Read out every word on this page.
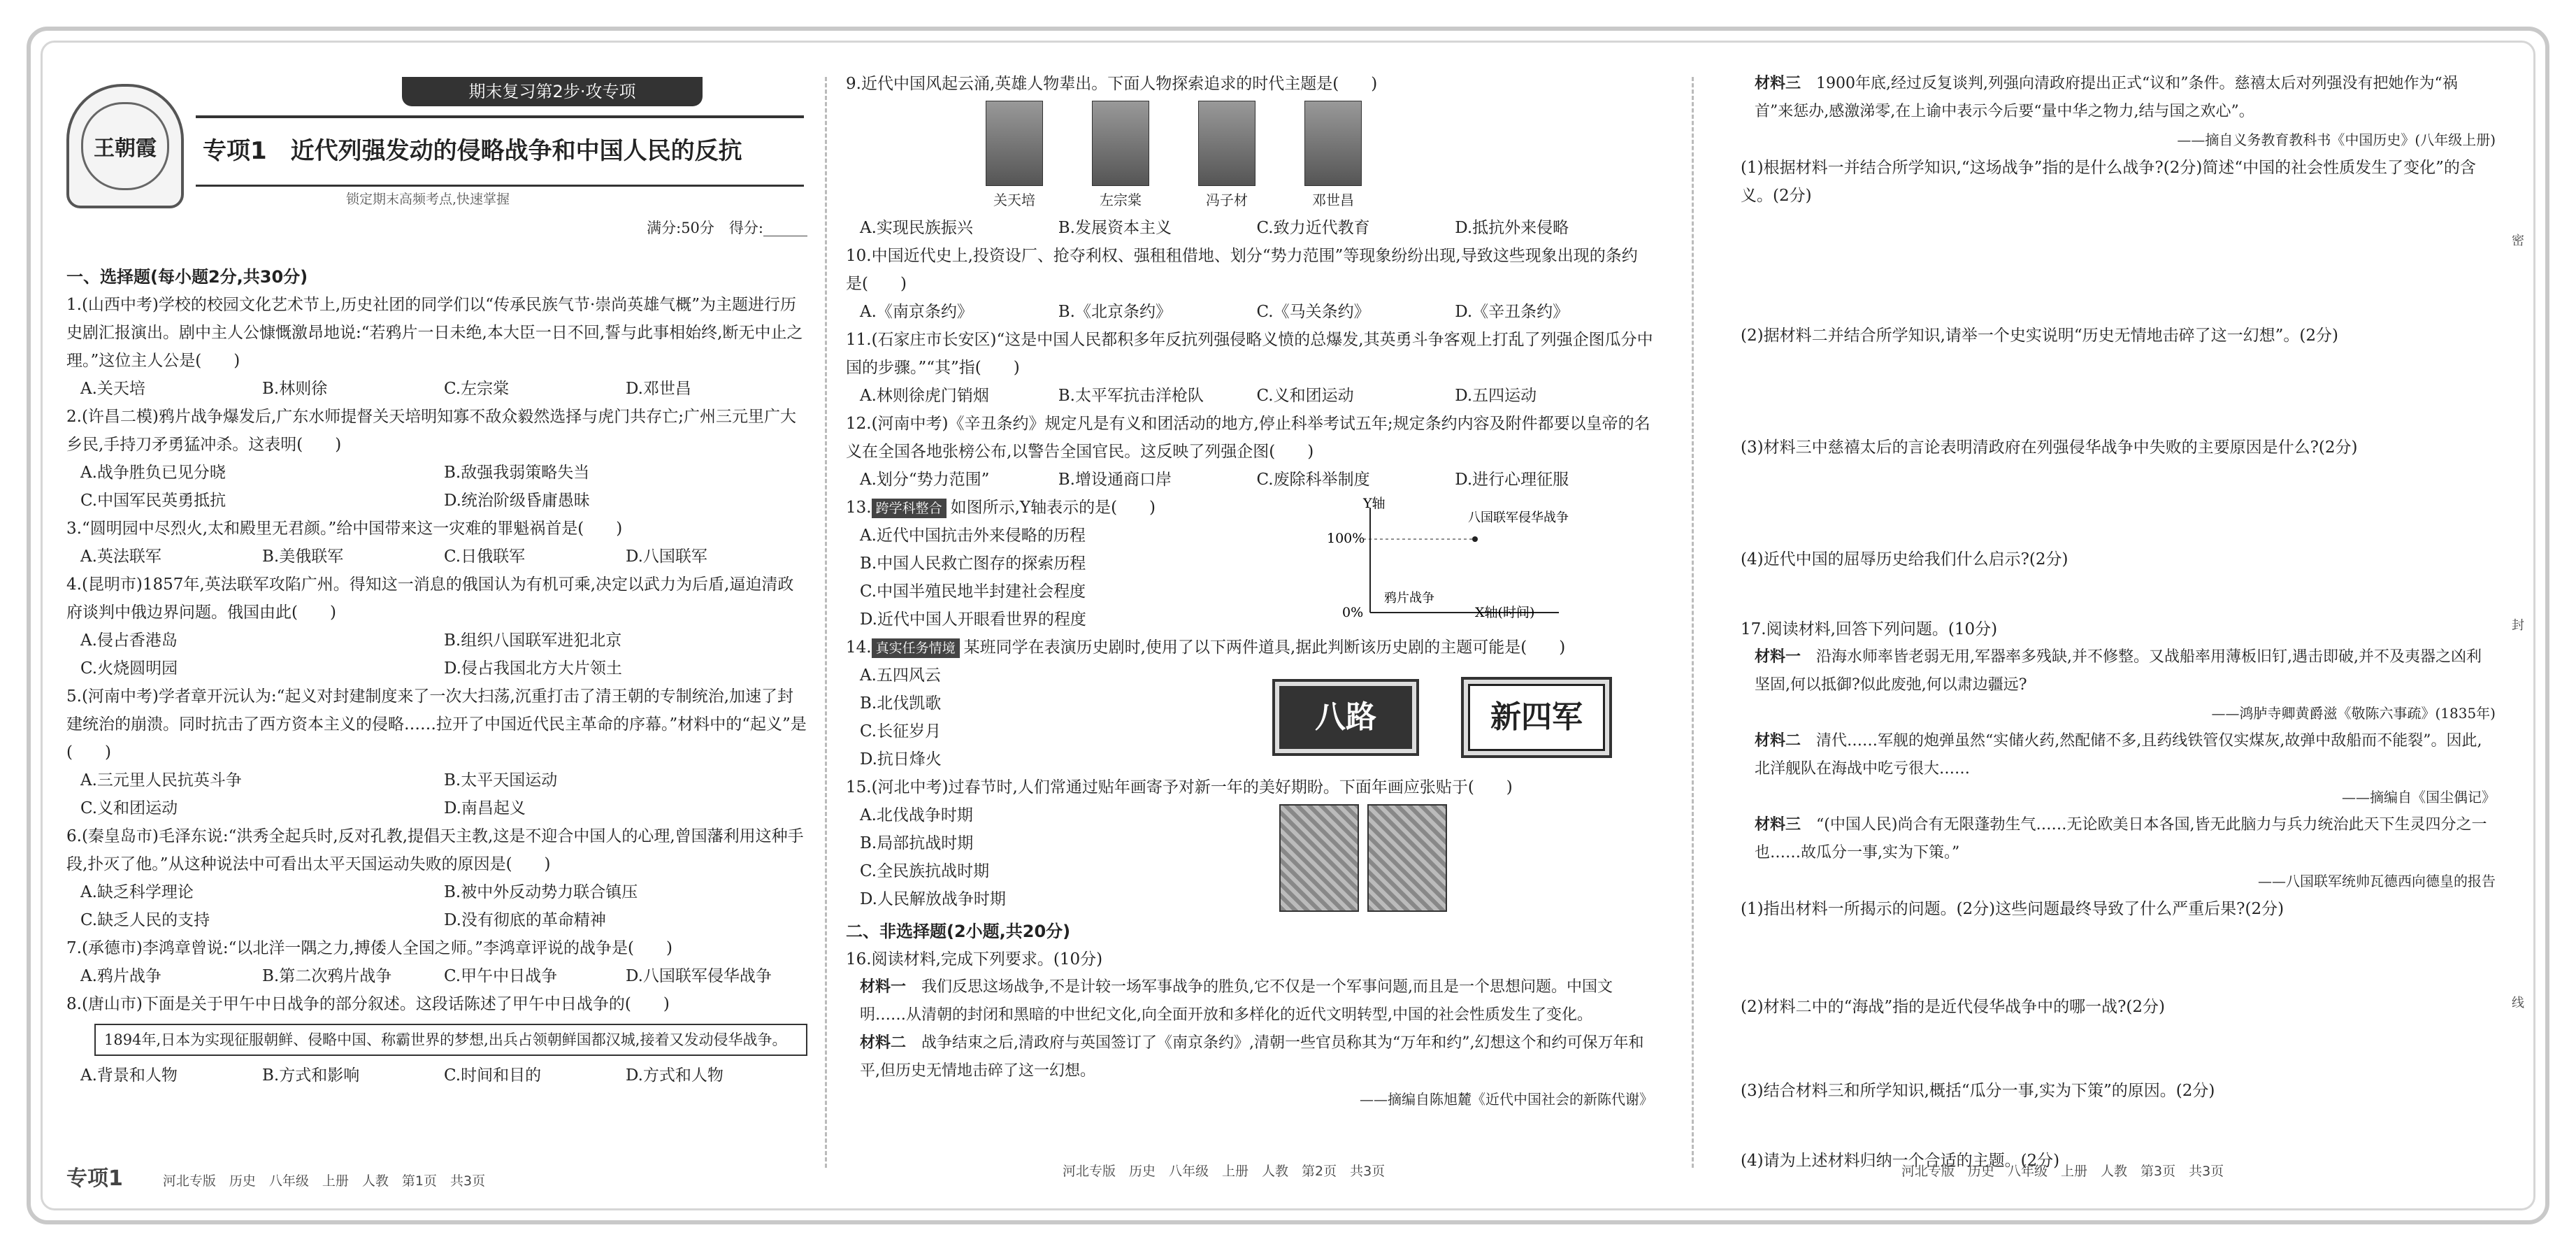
王朝霞
期末复习第2步·攻专项
专项1　近代列强发动的侵略战争和中国人民的反抗
锁定期末高频考点,快速掌握
满分:50分　得分:______

一、选择题(每小题2分,共30分)

1.(山西中考)学校的校园文化艺术节上,历史社团的同学们以“传承民族气节·崇尚英雄气概”为主题进行历史剧汇报演出。剧中主人公慷慨激昂地说:“若鸦片一日未绝,本大臣一日不回,誓与此事相始终,断无中止之理。”这位主人公是(　　)

A.关天培	B.林则徐	C.左宗棠	D.邓世昌

2.(许昌二模)鸦片战争爆发后,广东水师提督关天培明知寡不敌众毅然选择与虎门共存亡;广州三元里广大乡民,手持刀矛勇猛冲杀。这表明(　　)

A.战争胜负已见分晓	B.敌强我弱策略失当
C.中国军民英勇抵抗	D.统治阶级昏庸愚昧

3.“圆明园中尽烈火,太和殿里无君颜。”给中国带来这一灾难的罪魁祸首是(　　)

A.英法联军	B.美俄联军	C.日俄联军	D.八国联军

4.(昆明市)1857年,英法联军攻陷广州。得知这一消息的俄国认为有机可乘,决定以武力为后盾,逼迫清政府谈判中俄边界问题。俄国由此(　　)

A.侵占香港岛	B.组织八国联军进犯北京
C.火烧圆明园	D.侵占我国北方大片领土

5.(河南中考)学者章开沅认为:“起义对封建制度来了一次大扫荡,沉重打击了清王朝的专制统治,加速了封建统治的崩溃。同时抗击了西方资本主义的侵略……拉开了中国近代民主革命的序幕。”材料中的“起义”是(　　)

A.三元里人民抗英斗争	B.太平天国运动
C.义和团运动	D.南昌起义

6.(秦皇岛市)毛泽东说:“洪秀全起兵时,反对孔教,提倡天主教,这是不迎合中国人的心理,曾国藩利用这种手段,扑灭了他。”从这种说法中可看出太平天国运动失败的原因是(　　)

A.缺乏科学理论	B.被中外反动势力联合镇压
C.缺乏人民的支持	D.没有彻底的革命精神

7.(承德市)李鸿章曾说:“以北洋一隅之力,搏倭人全国之师。”李鸿章评说的战争是(　　)

A.鸦片战争	B.第二次鸦片战争	C.甲午中日战争	D.八国联军侵华战争

8.(唐山市)下面是关于甲午中日战争的部分叙述。这段话陈述了甲午中日战争的(　　)

1894年,日本为实现征服朝鲜、侵略中国、称霸世界的梦想,出兵占领朝鲜国都汉城,接着又发动侵华战争。
A.背景和人物	B.方式和影响	C.时间和目的	D.方式和人物

9.近代中国风起云涌,英雄人物辈出。下面人物探索追求的时代主题是(　　)

关天培	左宗棠	冯子材	邓世昌
A.实现民族振兴	B.发展资本主义	C.致力近代教育	D.抵抗外来侵略

10.中国近代史上,投资设厂、抢夺利权、强租租借地、划分“势力范围”等现象纷纷出现,导致这些现象出现的条约是(　　)

A.《南京条约》	B.《北京条约》	C.《马关条约》	D.《辛丑条约》

11.(石家庄市长安区)“这是中国人民都积多年反抗列强侵略义愤的总爆发,其英勇斗争客观上打乱了列强企图瓜分中国的步骤。”“其”指(　　)

A.林则徐虎门销烟	B.太平军抗击洋枪队	C.义和团运动	D.五四运动

12.(河南中考)《辛丑条约》规定凡是有义和团活动的地方,停止科举考试五年;规定条约内容及附件都要以皇帝的名义在全国各地张榜公布,以警告全国官民。这反映了列强企图(　　)

A.划分“势力范围”	B.增设通商口岸	C.废除科举制度	D.进行心理征服

13. 跨学科整合 如图所示,Y轴表示的是(　　)

A.近代中国抗击外来侵略的历程
B.中国人民救亡图存的探索历程
C.中国半殖民地半封建社会程度
D.近代中国人开眼看世界的程度
Y轴
X轴(时间)
100%
0%
八国联军侵华战争
鸦片战争

14. 真实任务情境 某班同学在表演历史剧时,使用了以下两件道具,据此判断该历史剧的主题可能是(　　)

A.五四风云
B.北伐凯歌
C.长征岁月
D.抗日烽火
八路	新四军

15.(河北中考)过春节时,人们常通过贴年画寄予对新一年的美好期盼。下面年画应张贴于(　　)

A.北伐战争时期
B.局部抗战时期
C.全民族抗战时期
D.人民解放战争时期

二、非选择题(2小题,共20分)

16.阅读材料,完成下列要求。(10分)

材料一　 我们反思这场战争,不是计较一场军事战争的胜负,它不仅是一个军事问题,而且是一个思想问题。中国文明……从清朝的封闭和黑暗的中世纪文化,向全面开放和多样化的近代文明转型,中国的社会性质发生了变化。

材料二　 战争结束之后,清政府与英国签订了《南京条约》,清朝一些官员称其为“万年和约”,幻想这个和约可保万年和平,但历史无情地击碎了这一幻想。

——摘编自陈旭麓《近代中国社会的新陈代谢》

材料三　 1900年底,经过反复谈判,列强向清政府提出正式“议和”条件。慈禧太后对列强没有把她作为“祸首”来惩办,感激涕零,在上谕中表示今后要“量中华之物力,结与国之欢心”。

——摘自义务教育教科书《中国历史》(八年级上册)

(1)根据材料一并结合所学知识,“这场战争”指的是什么战争?(2分)简述“中国的社会性质发生了变化”的含义。(2分)

(2)据材料二并结合所学知识,请举一个史实说明“历史无情地击碎了这一幻想”。(2分)

(3)材料三中慈禧太后的言论表明清政府在列强侵华战争中失败的主要原因是什么?(2分)

(4)近代中国的屈辱历史给我们什么启示?(2分)

17.阅读材料,回答下列问题。(10分)

材料一　 沿海水师率皆老弱无用,军器率多残缺,并不修整。又战船率用薄板旧钉,遇击即破,并不及夷器之凶利坚固,何以抵御?似此废弛,何以肃边疆远?

——鸿胪寺卿黄爵滋《敬陈六事疏》(1835年)

材料二　 清代……军舰的炮弹虽然“实储火药,然配储不多,且药线铁管仅实煤灰,故弹中敌船而不能裂”。因此,北洋舰队在海战中吃亏很大……

——摘编自《国尘偶记》

材料三　 “(中国人民)尚合有无限蓬勃生气……无论欧美日本各国,皆无此脑力与兵力统治此天下生灵四分之一也……故瓜分一事,实为下策。”

——八国联军统帅瓦德西向德皇的报告

(1)指出材料一所揭示的问题。(2分)这些问题最终导致了什么严重后果?(2分)

(2)材料二中的“海战”指的是近代侵华战争中的哪一战?(2分)

(3)结合材料三和所学知识,概括“瓜分一事,实为下策”的原因。(2分)

(4)请为上述材料归纳一个合适的主题。(2分)

密
封
线
专项1　　　	河北专版　历史　八年级　上册　人教　第1页　共3页
河北专版　历史　八年级　上册　人教　第2页　共3页	河北专版　历史　八年级　上册　人教　第3页　共3页
